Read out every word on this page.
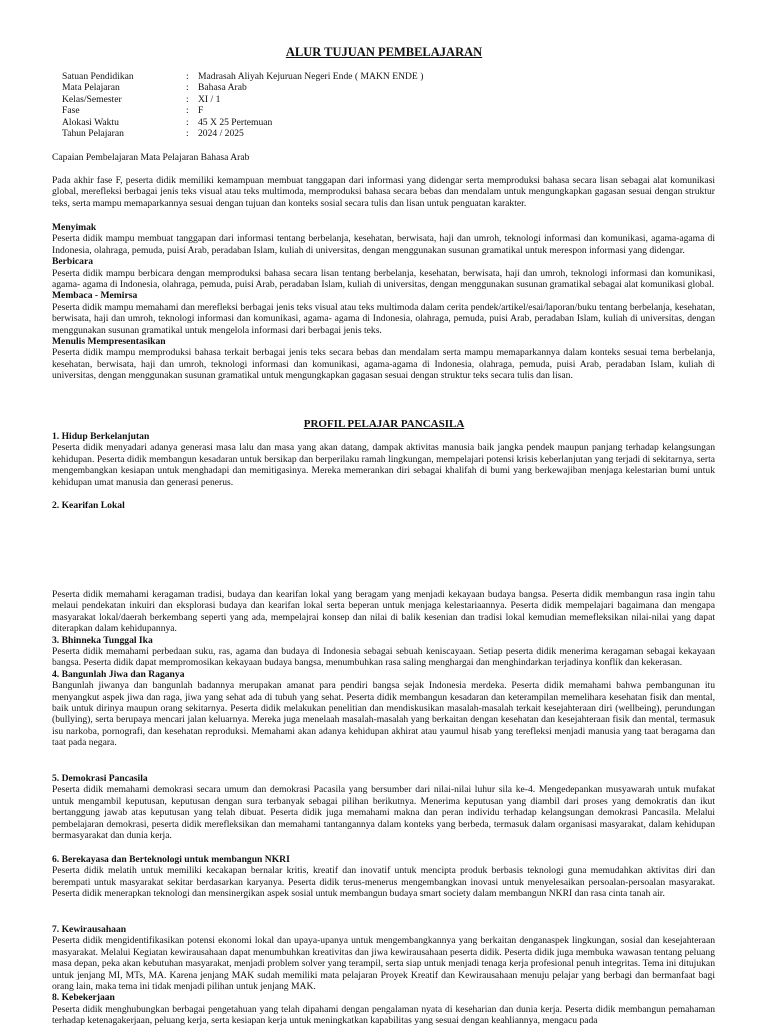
ALUR TUJUAN PEMBELAJARAN
Satuan Pendidikan	: Madrasah Aliyah Kejuruan Negeri Ende ( MAKN ENDE )
Mata Pelajaran	: Bahasa Arab
Kelas/Semester	: XI / 1
Fase	: F
Alokasi Waktu	: 45 X 25 Pertemuan
Tahun Pelajaran	: 2024 / 2025
Capaian Pembelajaran Mata Pelajaran Bahasa Arab
Pada akhir fase F, peserta didik memiliki kemampuan membuat tanggapan dari informasi yang didengar serta memproduksi bahasa secara lisan sebagai alat komunikasi global, merefleksi berbagai jenis teks visual atau teks multimoda, memproduksi bahasa secara bebas dan mendalam untuk mengungkapkan gagasan sesuai dengan struktur teks, serta mampu memaparkannya sesuai dengan tujuan dan konteks sosial secara tulis dan lisan untuk penguatan karakter.
Menyimak
Peserta didik mampu membuat tanggapan dari informasi tentang berbelanja, kesehatan, berwisata, haji dan umroh, teknologi informasi dan komunikasi, agama-agama di Indonesia, olahraga, pemuda, puisi Arab, peradaban Islam, kuliah di universitas, dengan menggunakan susunan gramatikal untuk merespon informasi yang didengar.
Berbicara
Peserta didik mampu berbicara dengan memproduksi bahasa secara lisan tentang berbelanja, kesehatan, berwisata, haji dan umroh, teknologi informasi dan komunikasi, agama- agama di Indonesia, olahraga, pemuda, puisi Arab, peradaban Islam, kuliah di universitas, dengan menggunakan susunan gramatikal sebagai alat komunikasi global.
Membaca - Memirsa
Peserta didik mampu memahami dan merefleksi berbagai jenis teks visual atau teks multimoda dalam cerita pendek/artikel/esai/laporan/buku tentang berbelanja, kesehatan, berwisata, haji dan umroh, teknologi informasi dan komunikasi, agama- agama di Indonesia, olahraga, pemuda, puisi Arab, peradaban Islam, kuliah di universitas, dengan menggunakan susunan gramatikal untuk mengelola informasi dari berbagai jenis teks.
Menulis Mempresentasikan
Peserta didik mampu memproduksi bahasa terkait berbagai jenis teks secara bebas dan mendalam serta mampu memaparkannya dalam konteks sesuai tema berbelanja, kesehatan, berwisata, haji dan umroh, teknologi informasi dan komunikasi, agama-agama di Indonesia, olahraga, pemuda, puisi Arab, peradaban Islam, kuliah di universitas, dengan menggunakan susunan gramatikal untuk mengungkapkan gagasan sesuai dengan struktur teks secara tulis dan lisan.
PROFIL PELAJAR PANCASILA
1. Hidup Berkelanjutan
Peserta didik menyadari adanya generasi masa lalu dan masa yang akan datang, dampak aktivitas manusia baik jangka pendek maupun panjang terhadap kelangsungan kehidupan. Peserta didik membangun kesadaran untuk bersikap dan berperilaku ramah lingkungan, mempelajari potensi krisis keberlanjutan yang terjadi di sekitarnya, serta mengembangkan kesiapan untuk menghadapi dan memitigasinya. Mereka memerankan diri sebagai khalifah di bumi yang berkewajiban menjaga kelestarian bumi untuk kehidupan umat manusia dan generasi penerus.
2. Kearifan Lokal
Peserta didik memahami keragaman tradisi, budaya dan kearifan lokal yang beragam yang menjadi kekayaan budaya bangsa. Peserta didik membangun rasa ingin tahu melaui pendekatan inkuiri dan eksplorasi budaya dan kearifan lokal serta beperan untuk menjaga kelestariaannya. Peserta didik mempelajari bagaimana dan mengapa masyarakat lokal/daerah berkembang seperti yang ada, mempelajrai konsep dan nilai di balik kesenian dan tradisi lokal kemudian memefleksikan nilai-nilai yang dapat diterapkan dalam kehidupannya.
3. Bhinneka Tunggal Ika
Peserta didik memahami perbedaan suku, ras, agama dan budaya di Indonesia sebagai sebuah keniscayaan. Setiap peserta didik menerima keragaman sebagai kekayaan bangsa. Peserta didik dapat mempromosikan kekayaan budaya bangsa, menumbuhkan rasa saling menghargai dan menghindarkan terjadinya konflik dan kekerasan.
4. Bangunlah Jiwa dan Raganya
Bangunlah jiwanya dan bangunlah badannya merupakan amanat para pendiri bangsa sejak Indonesia merdeka. Peserta didik memahami bahwa pembangunan itu menyangkut aspek jiwa dan raga, jiwa yang sehat ada di tubuh yang sehat. Peserta didik membangun kesadaran dan keterampilan memelihara kesehatan fisik dan mental, baik untuk dirinya maupun orang sekitarnya. Peserta didik melakukan penelitian dan mendiskusikan masalah-masalah terkait kesejahteraan diri (wellbeing), perundungan (bullying), serta berupaya mencari jalan keluarnya. Mereka juga menelaah masalah-masalah yang berkaitan dengan kesehatan dan kesejahteraan fisik dan mental, termasuk isu narkoba, pornografi, dan kesehatan reproduksi. Memahami akan adanya kehidupan akhirat atau yaumul hisab yang terefleksi menjadi manusia yang taat beragama dan taat pada negara.
5. Demokrasi Pancasila
Peserta didik memahami demokrasi secara umum dan demokrasi Pacasila yang bersumber dari nilai-nilai luhur sila ke-4. Mengedepankan musyawarah untuk mufakat untuk mengambil keputusan, keputusan dengan sura terbanyak sebagai pilihan berikutnya. Menerima keputusan yang diambil dari proses yang demokratis dan ikut bertanggung jawab atas keputusan yang telah dibuat. Peserta didik juga memahami makna dan peran individu terhadap kelangsungan demokrasi Pancasila. Melalui pembelajaran demokrasi, peserta didik merefleksikan dan memahami tantangannya dalam konteks yang berbeda, termasuk dalam organisasi masyarakat, dalam kehidupan bermasyarakat dan dunia kerja.
6. Berekayasa dan Berteknologi untuk membangun NKRI
Peserta didik melatih untuk memiliki kecakapan bernalar kritis, kreatif dan inovatif untuk mencipta produk berbasis teknologi guna memudahkan aktivitas diri dan berempati untuk masyarakat sekitar berdasarkan karyanya. Peserta didik terus-menerus mengembangkan inovasi untuk menyelesaikan persoalan-persoalan masyarakat. Peserta didik menerapkan teknologi dan mensinergikan aspek sosial untuk membangun budaya smart society dalam membangun NKRI dan rasa cinta tanah air.
7. Kewirausahaan
Peserta didik mengidentifikasikan potensi ekonomi lokal dan upaya-upanya untuk mengembangkannya yang berkaitan denganaspek lingkungan, sosial dan kesejahteraan masyarakat. Melalui Kegiatan kewirausahaan dapat menumbuhkan kreativitas dan jiwa kewirausahaan peserta didik. Peserta didik juga membuka wawasan tentang peluang masa depan, peka akan kebutuhan masyarakat, menjadi problem solver yang terampil, serta siap untuk menjadi tenaga kerja profesional penuh integritas. Tema ini ditujukan untuk jenjang MI, MTs, MA. Karena jenjang MAK sudah memiliki mata pelajaran Proyek Kreatif dan Kewirausahaan menuju pelajar yang berbagi dan bermanfaat bagi orang lain, maka tema ini tidak menjadi pilihan untuk jenjang MAK.
8. Kebekerjaan
Peserta didik menghubungkan berbagai pengetahuan yang telah dipahami dengan pengalaman nyata di keseharian dan dunia kerja. Peserta didik membangun pemahaman terhadap ketenagakerjaan, peluang kerja, serta kesiapan kerja untuk meningkatkan kapabilitas yang sesuai dengan keahliannya, mengacu pada
